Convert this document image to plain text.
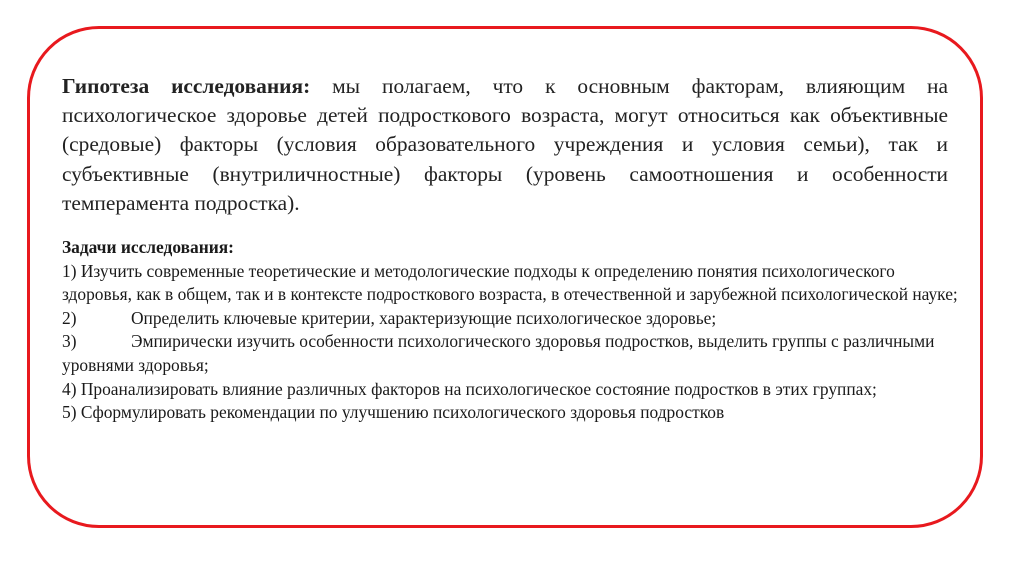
Гипотеза исследования: мы полагаем, что к основным факторам, влияющим на психологическое здоровье детей подросткового возраста, могут относиться как объективные (средовые) факторы (условия образовательного учреждения и условия семьи), так и субъективные (внутриличностные) факторы (уровень самоотношения и особенности темперамента подростка).

Задачи исследования:
1) Изучить современные теоретические и методологические подходы к определению понятия психологического здоровья, как в общем, так и в контексте подросткового возраста, в отечественной и зарубежной психологической науке;
2)	Определить ключевые критерии, характеризующие психологическое здоровье;
3)	Эмпирически изучить особенности психологического здоровья подростков, выделить группы с различными уровнями здоровья;
4) Проанализировать влияние различных факторов на психологическое состояние подростков в этих группах;
5) Сформулировать рекомендации по улучшению психологического здоровья подростков
